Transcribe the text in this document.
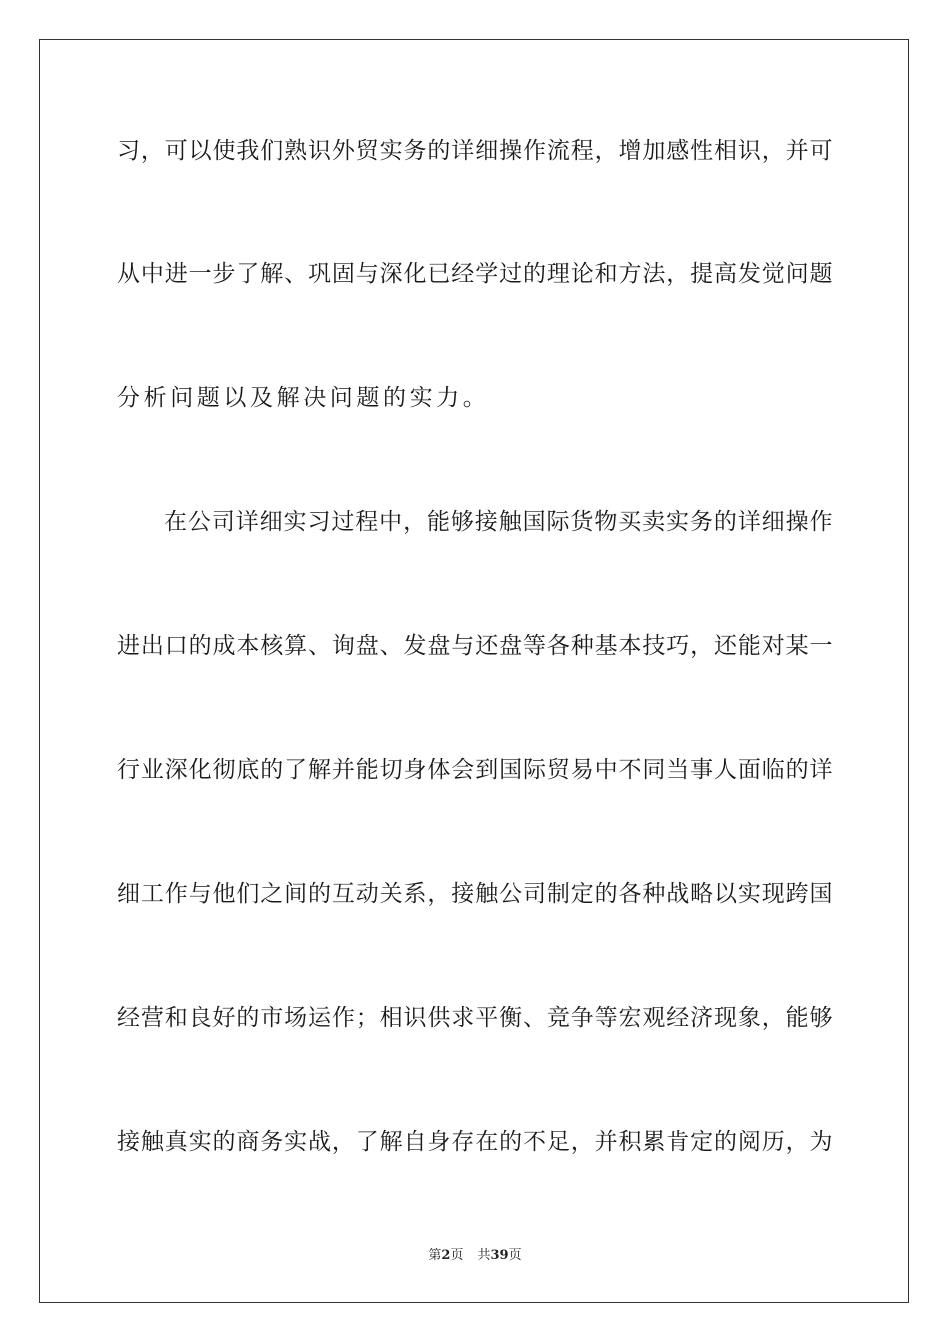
习，可以使我们熟识外贸实务的详细操作流程，增加感性相识，并可
从中进一步了解、巩固与深化已经学过的理论和方法，提高发觉问题
分析问题以及解决问题的实力。
在公司详细实习过程中，能够接触国际货物买卖实务的详细操作
进出口的成本核算、询盘、发盘与还盘等各种基本技巧，还能对某一
行业深化彻底的了解并能切身体会到国际贸易中不同当事人面临的详
细工作与他们之间的互动关系，接触公司制定的各种战略以实现跨国
经营和良好的市场运作；相识供求平衡、竞争等宏观经济现象，能够
接触真实的商务实战，了解自身存在的不足，并积累肯定的阅历，为
第2页 共39页
